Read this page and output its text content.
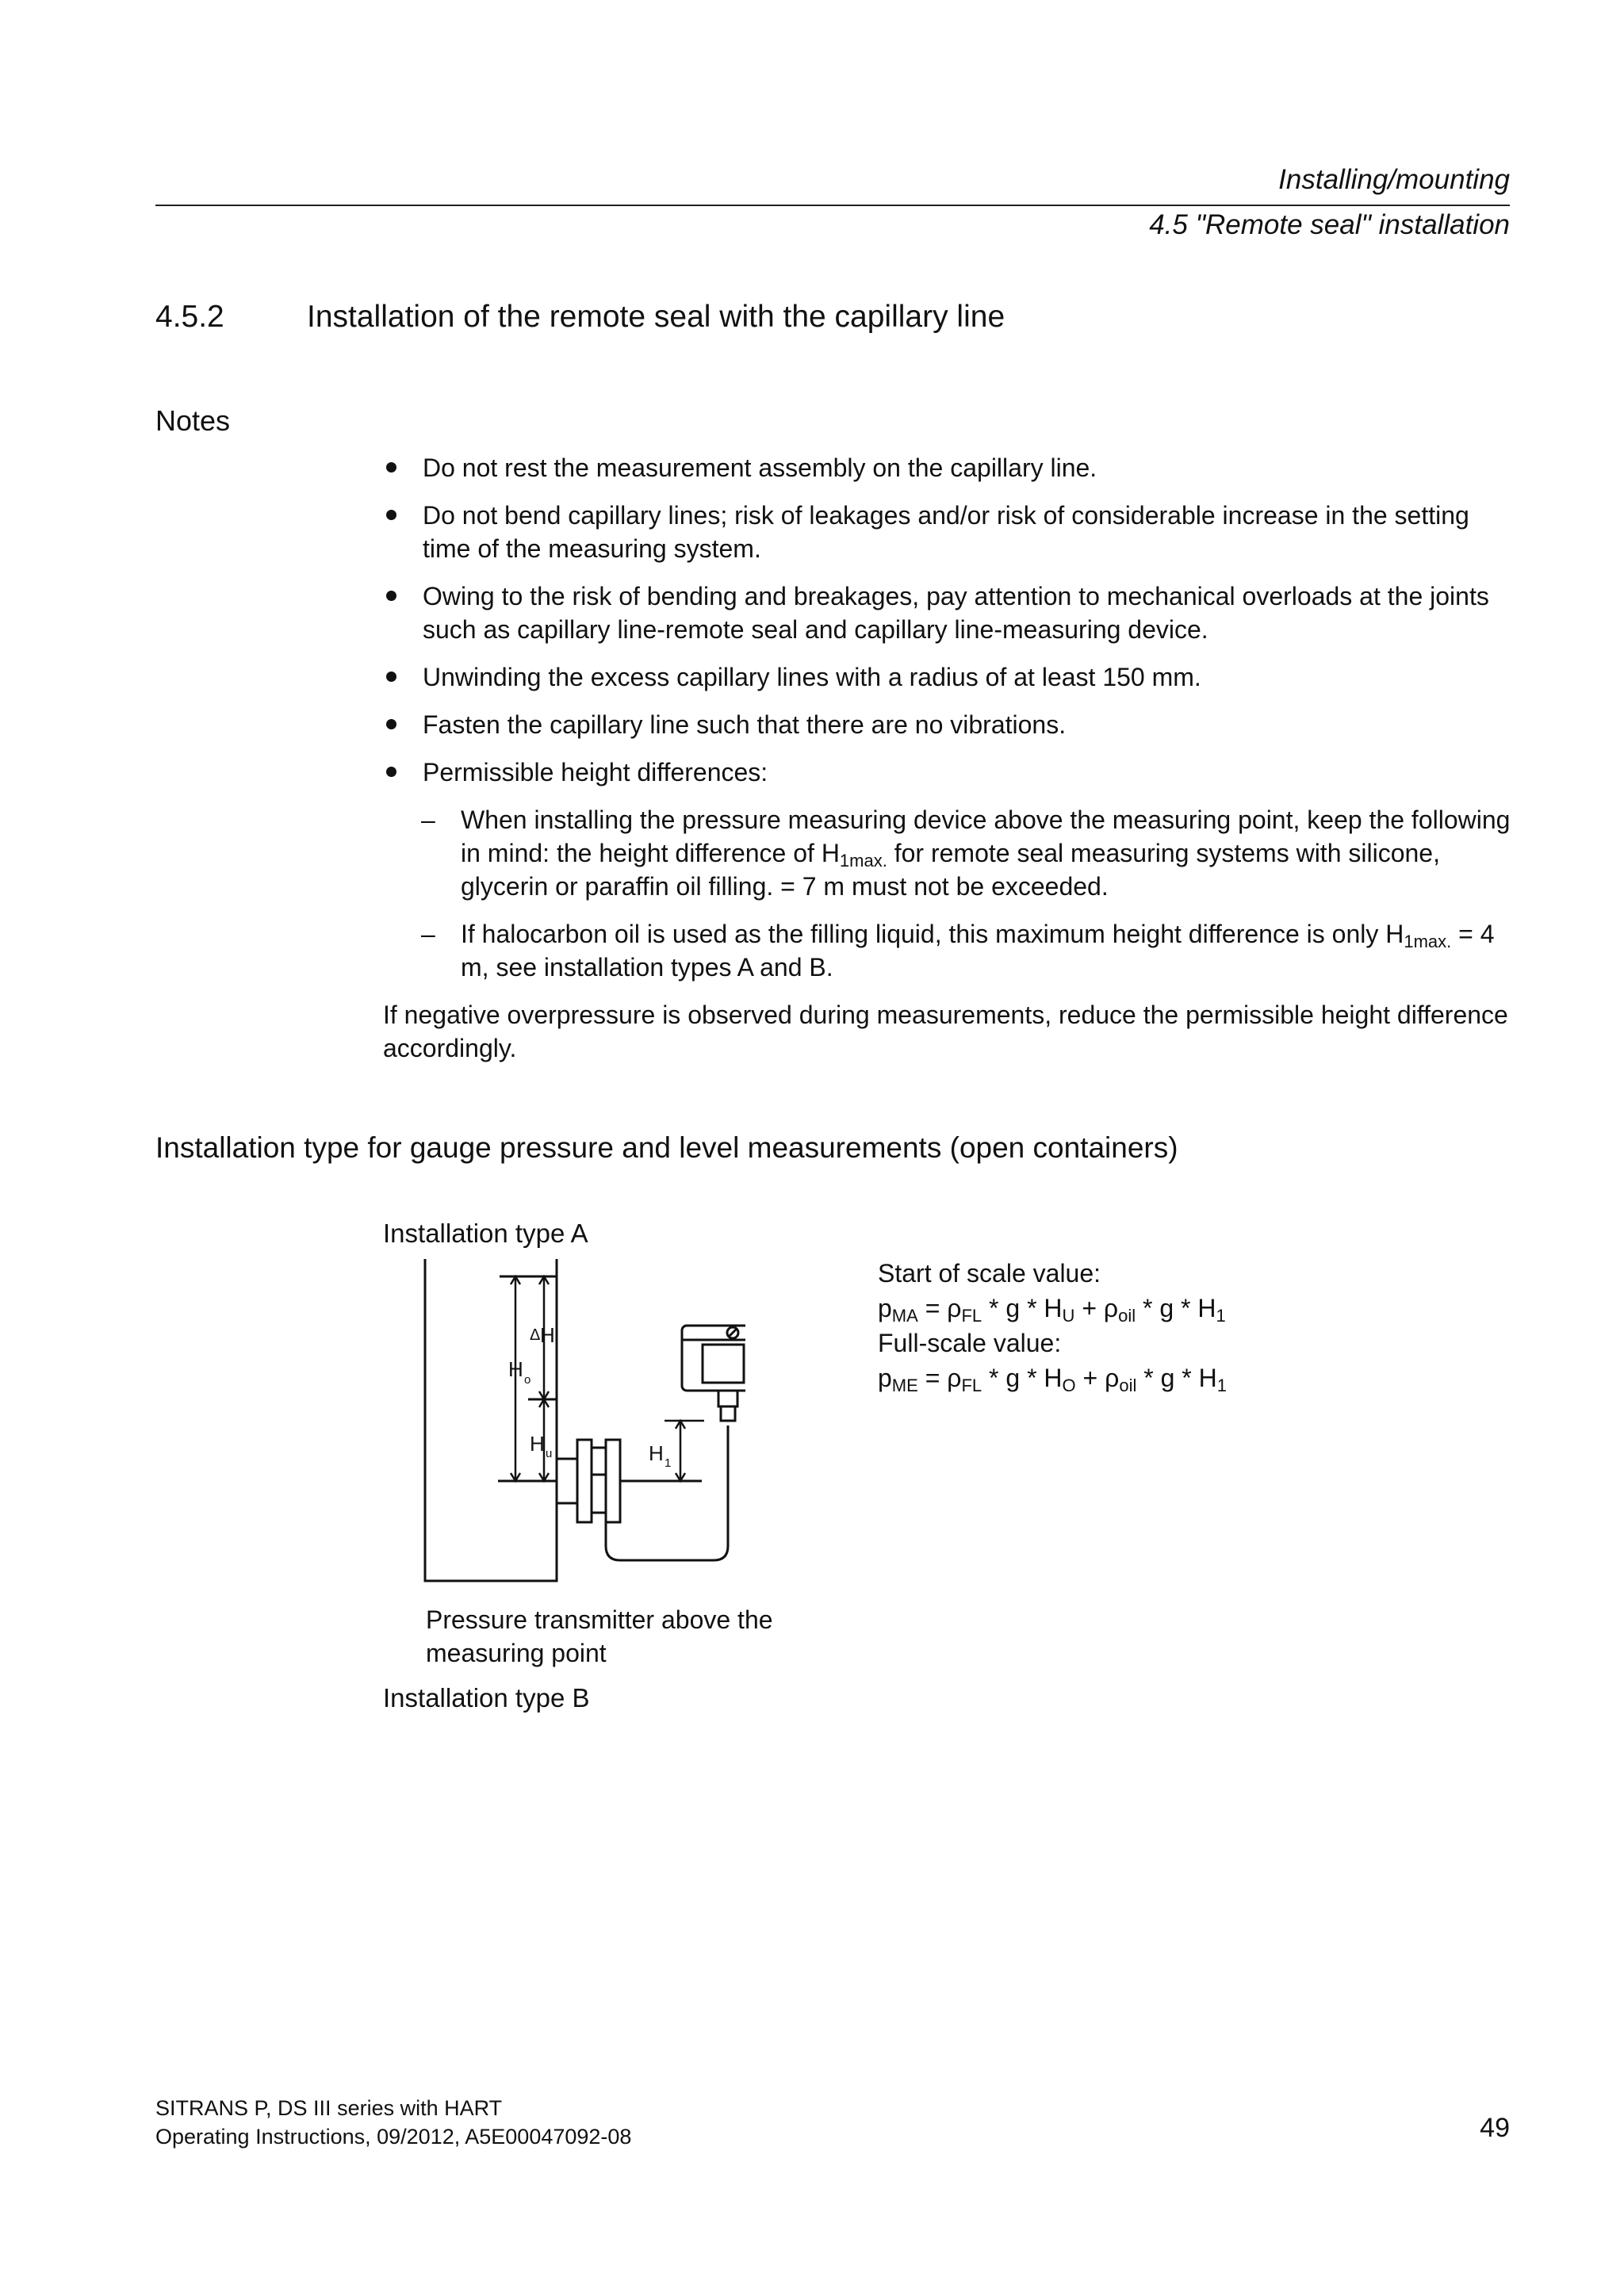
Installing/mounting
4.5 "Remote seal" installation
4.5.2	Installation of the remote seal with the capillary line
Notes
Do not rest the measurement assembly on the capillary line.
Do not bend capillary lines; risk of leakages and/or risk of considerable increase in the setting time of the measuring system.
Owing to the risk of bending and breakages, pay attention to mechanical overloads at the joints such as capillary line-remote seal and capillary line-measuring device.
Unwinding the excess capillary lines with a radius of at least 150 mm.
Fasten the capillary line such that there are no vibrations.
Permissible height differences:
– When installing the pressure measuring device above the measuring point, keep the following in mind: the height difference of $H_{1max.}$ for remote seal measuring systems with silicone, glycerin or paraffin oil filling. = 7 m must not be exceeded.
– If halocarbon oil is used as the filling liquid, this maximum height difference is only $H_{1max.} = 4$ m, see installation types A and B.
If negative overpressure is observed during measurements, reduce the permissible height difference accordingly.
Installation type for gauge pressure and level measurements (open containers)
Installation type A
Δ H
H o
H u	H 1
Start of scale value:
$p_{MA} = \rho_{FL} * g * H_U + \rho_{oil} * g * H_1$
Full-scale value:
$p_{ME} = \rho_{FL} * g * H_O + \rho_{oil} * g * H_1$
Pressure transmitter above the measuring point
Installation type B
SITRANS P, DS III series with HART
Operating Instructions, 09/2012, A5E00047092-08	49
